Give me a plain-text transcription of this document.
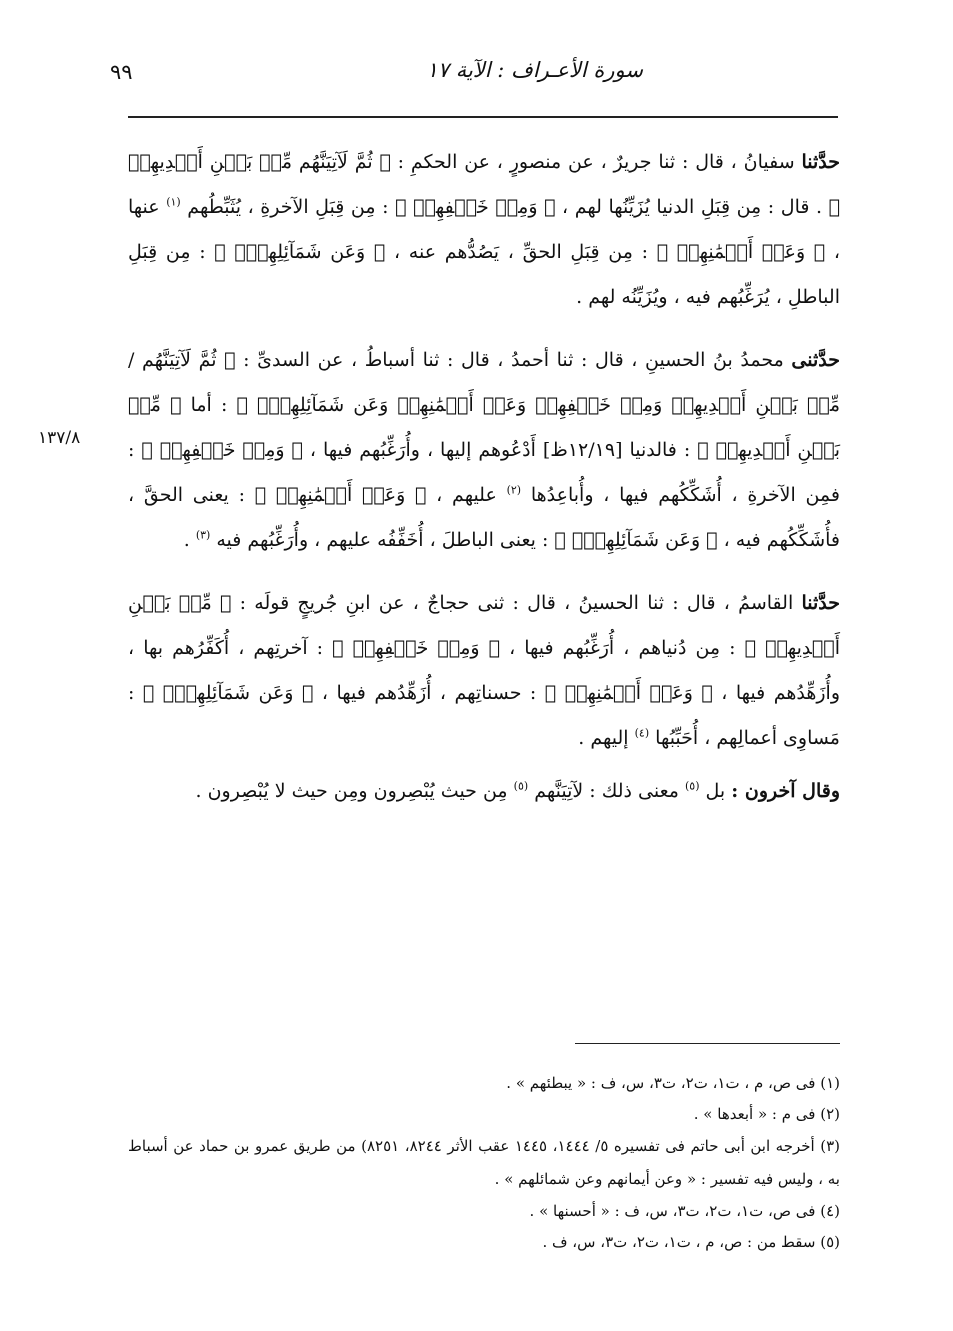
سورة الأعـراف : الآية ١٧
٩٩
١٣٧/٨

حدَّثنا سفيانُ ، قال : ثنا جريرٌ ، عن منصورٍ ، عن الحكمِ : ﴿ ثُمَّ لَآتِيَنَّهُم مِّنۢ بَيۡنِ أَيۡدِيهِمۡ ﴾ . قال : مِن قِبَلِ الدنيا يُزَيِّنُها لهم ، ﴿ وَمِنۡ خَلۡفِهِمۡ ﴾ : مِن قِبَلِ الآخرةِ ، يُثَبِّطُهم $^{(١)}$ عنها ، ﴿ وَعَنۡ أَيۡمَٰنِهِمۡ ﴾ : مِن قِبَلِ الحقِّ ، يَصُدُّهم عنه ، ﴿ وَعَن شَمَآئِلِهِمۡۖ ﴾ : مِن قِبَلِ الباطلِ ، يُرَغِّبُهم فيه ، ويُزَيِّنُه لهم .

حدَّثنى محمدُ بنُ الحسينِ ، قال : ثنا أحمدُ ، قال : ثنا أسباطُ ، عن السدىِّ : ﴿ ثُمَّ لَآتِيَنَّهُم / مِّنۢ بَيۡنِ أَيۡدِيهِمۡ وَمِنۡ خَلۡفِهِمۡ وَعَنۡ أَيۡمَٰنِهِمۡ وَعَن شَمَآئِلِهِمۡۖ ﴾ : أما ﴿ مِّنۢ بَيۡنِ أَيۡدِيهِمۡ ﴾ : فالدنيا [١٢/١٩ظ] أَدْعُوهم إليها ، وأُرَغِّبُهم فيها ، ﴿ وَمِنۡ خَلۡفِهِمۡ ﴾ : فمِن الآخرةِ ، أُشَكِّكُهم فيها ، وأُباعِدُها $^{(٢)}$ عليهم ، ﴿ وَعَنۡ أَيۡمَٰنِهِمۡ ﴾ : يعنى الحقَّ ، فأُشَكِّكُهم فيه ، ﴿ وَعَن شَمَآئِلِهِمۡۖ ﴾ : يعنى الباطلَ ، أُخَفِّفُه عليهم ، وأُرَغِّبُهم فيه $^{(٣)}$ .

حدَّثنا القاسمُ ، قال : ثنا الحسينُ ، قال : ثنى حجاجٌ ، عن ابنِ جُريجٍ قولَه : ﴿ مِّنۢ بَيۡنِ أَيۡدِيهِمۡ ﴾ : مِن دُنياهم ، أُرَغِّبُهم فيها ، ﴿ وَمِنۡ خَلۡفِهِمۡ ﴾ : آخرتِهم ، أُكَفِّرُهم بها ، وأُزَهِّدُهم فيها ، ﴿ وَعَنۡ أَيۡمَٰنِهِمۡ ﴾ : حسناتِهم ، أُزَهِّدُهم فيها ، ﴿ وَعَن شَمَآئِلِهِمۡۖ ﴾ : مَساوِى أعمالِهم ، أُحَبِّبُها $^{(٤)}$ إليهم .

وقال آخرون : بل $^{(٥)}$ معنى ذلك : لآتِيَنَّهم $^{(٥)}$ مِن حيث يُبْصِرون ومِن حيث لا يُبْصِرون .

(١) فى ص، م ، ت١، ت٢، ت٣، س، ف : « يبطئهم » .

(٢) فى م : « أبعدها » .

(٣) أخرجه ابن أبى حاتم فى تفسيره ٥/ ١٤٤٤، ١٤٤٥ عقب الأثر ٨٢٤٤، ٨٢٥١) من طريق عمرو بن حماد عن أسباط به ، وليس فيه تفسير : « وعن أيمانهم وعن شمائلهم » .

(٤) فى ص، ت١، ت٢، ت٣، س، ف : « أحسنها » .

(٥) سقط من : ص، م ، ت١، ت٢، ت٣، س، ف .
